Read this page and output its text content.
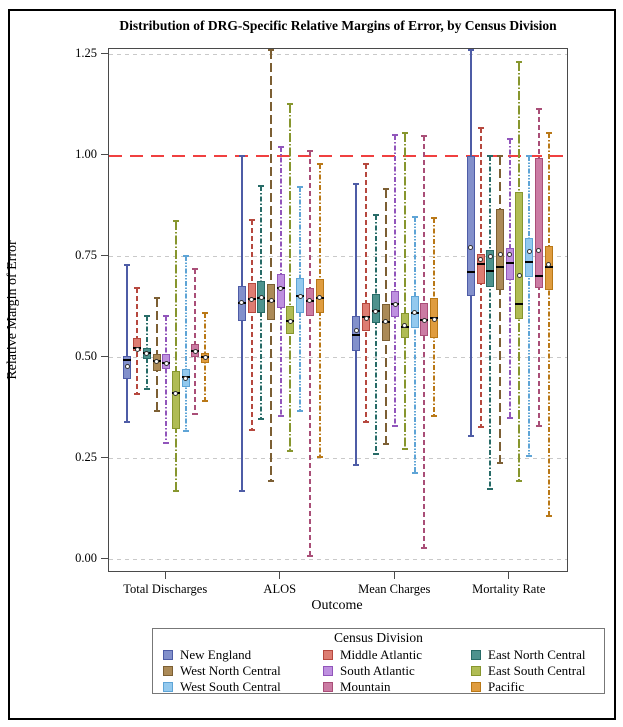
Distribution of DRG-Specific Relative Margins of Error, by Census Division
Relative Margin of Error
0.00
0.25
0.50
0.75
1.00
1.25
Total Discharges	ALOS	Mean Charges	Mortality Rate
Outcome
Census Division
New England	Middle Atlantic	East North Central
West North Central	South Atlantic	East South Central
West South Central	Mountain	Pacific
